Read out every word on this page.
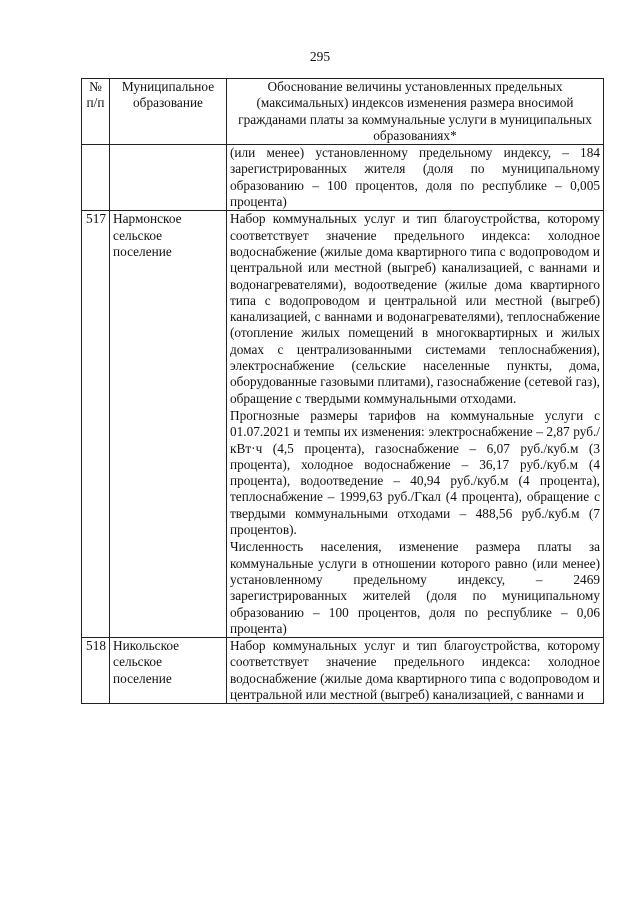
295
№ п/п	Муниципальное образование	Обоснование величины установленных предельных (максимальных) индексов изменения размера вносимой гражданами платы за коммунальные услуги в муниципальных образованиях*

		(или менее) установленному предельному индексу, – 184 зарегистрированных жителя (доля по муниципальному образованию – 100 процентов, доля по республике – 0,005 процента)

517	Нармонское сельское поселение	Набор коммунальных услуг и тип благоустройства, которому соответствует значение предельного индекса: холодное водоснабжение (жилые дома квартирного типа с водопроводом и центральной или местной (выгреб) канализацией, с ваннами и водонагревателями), водоотведение (жилые дома квартирного типа с водопроводом и центральной или местной (выгреб) канализацией, с ваннами и водонагревателями), теплоснабжение (отопление жилых помещений в многоквартирных и жилых домах с централизованными системами теплоснабжения), электроснабжение (сельские населенные пункты, дома, оборудованные газовыми плитами), газоснабжение (сетевой газ), обращение с твердыми коммунальными отходами.
Прогнозные размеры тарифов на коммунальные услуги с 01.07.2021 и темпы их изменения: электроснабжение – 2,87 руб./кВт·ч (4,5 процента), газоснабжение – 6,07 руб./куб.м (3 процента), холодное водоснабжение – 36,17 руб./куб.м (4 процента), водоотведение – 40,94 руб./куб.м (4 процента), теплоснабжение – 1999,63 руб./Гкал (4 процента), обращение с твердыми коммунальными отходами – 488,56 руб./куб.м (7 процентов).
Численность населения, изменение размера платы за коммунальные услуги в отношении которого равно (или менее) установленному предельному индексу, – 2469 зарегистрированных жителей (доля по муниципальному образованию – 100 процентов, доля по республике – 0,06 процента)

518	Никольское сельское поселение	Набор коммунальных услуг и тип благоустройства, которому соответствует значение предельного индекса: холодное водоснабжение (жилые дома квартирного типа с водопроводом и центральной или местной (выгреб) канализацией, с ваннами и
